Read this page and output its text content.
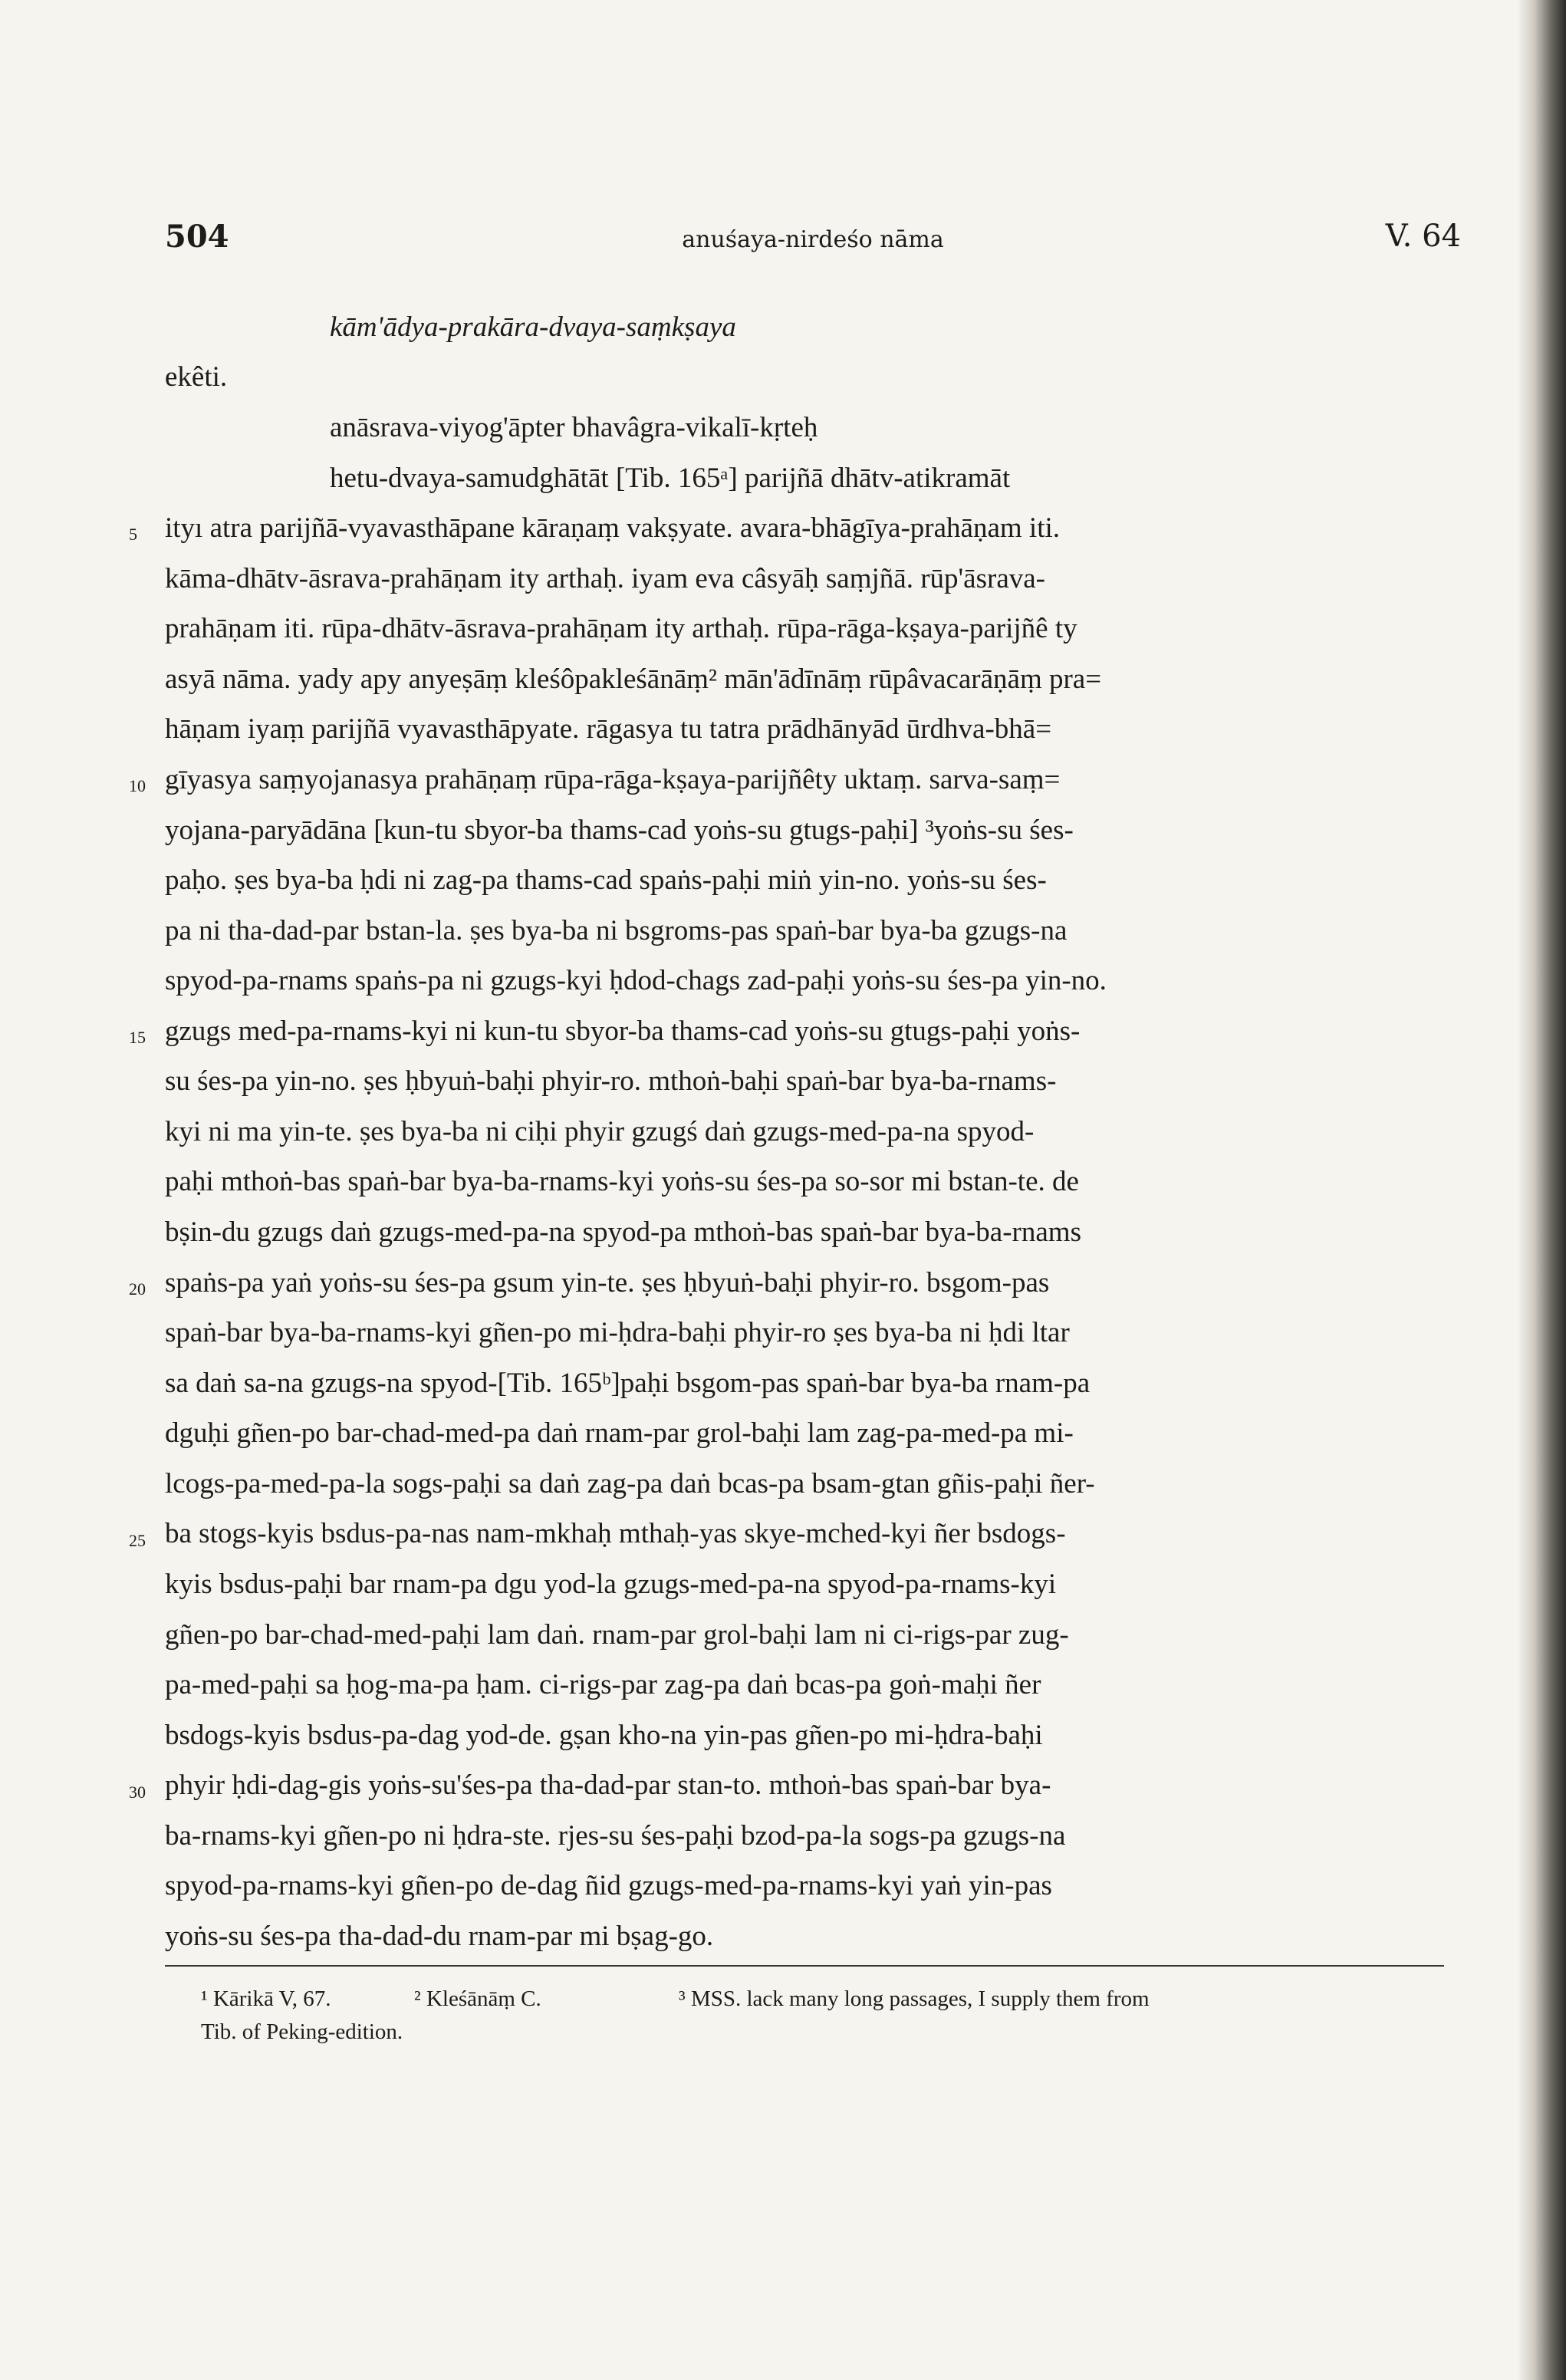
504	anuśaya-nirdeśo nāma	V. 64
5
10
15
20
25
30
kām'ādya-prakāra-dvaya-saṃkṣaya
ekêti.
anāsrava-viyog'āpter bhavâgra-vikalī-kṛteḥ
hetu-dvaya-samudghātāt [Tib. 165ᵃ] parijñā dhātv-atikramāt
ityı atra parijñā-vyavasthāpane kāraṇaṃ vakṣyate. avara-bhāgīya-prahāṇam iti.
kāma-dhātv-āsrava-prahāṇam ity arthaḥ. iyam eva câsyāḥ saṃjñā. rūp'āsrava-
prahāṇam iti. rūpa-dhātv-āsrava-prahāṇam ity arthaḥ. rūpa-rāga-kṣaya-parijñê ty
asyā nāma. yady apy anyeṣāṃ kleśôpakleśānāṃ² mān'ādīnāṃ rūpâvacarāṇāṃ pra=
hāṇam iyaṃ parijñā vyavasthāpyate. rāgasya tu tatra prādhānyād ūrdhva-bhā=
gīyasya saṃyojanasya prahāṇaṃ rūpa-rāga-kṣaya-parijñêty uktaṃ. sarva-saṃ=
yojana-paryādāna [kun-tu sbyor-ba thams-cad yoṅs-su gtugs-paḥi] ³yoṅs-su śes-
paḥo. ṣes bya-ba ḥdi ni zag-pa thams-cad spaṅs-paḥi miṅ yin-no. yoṅs-su śes-
pa ni tha-dad-par bstan-la. ṣes bya-ba ni bsgroms-pas spaṅ-bar bya-ba gzugs-na
spyod-pa-rnams spaṅs-pa ni gzugs-kyi ḥdod-chags zad-paḥi yoṅs-su śes-pa yin-no.
gzugs med-pa-rnams-kyi ni kun-tu sbyor-ba thams-cad yoṅs-su gtugs-paḥi yoṅs-
su śes-pa yin-no. ṣes ḥbyuṅ-baḥi phyir-ro. mthoṅ-baḥi spaṅ-bar bya-ba-rnams-
kyi ni ma yin-te. ṣes bya-ba ni ciḥi phyir gzugś daṅ gzugs-med-pa-na spyod-
paḥi mthoṅ-bas spaṅ-bar bya-ba-rnams-kyi yoṅs-su śes-pa so-sor mi bstan-te. de
bṣin-du gzugs daṅ gzugs-med-pa-na spyod-pa mthoṅ-bas spaṅ-bar bya-ba-rnams
spaṅs-pa yaṅ yoṅs-su śes-pa gsum yin-te. ṣes ḥbyuṅ-baḥi phyir-ro. bsgom-pas
spaṅ-bar bya-ba-rnams-kyi gñen-po mi-ḥdra-baḥi phyir-ro ṣes bya-ba ni ḥdi ltar
sa daṅ sa-na gzugs-na spyod-[Tib. 165ᵇ]paḥi bsgom-pas spaṅ-bar bya-ba rnam-pa
dguḥi gñen-po bar-chad-med-pa daṅ rnam-par grol-baḥi lam zag-pa-med-pa mi-
lcogs-pa-med-pa-la sogs-paḥi sa daṅ zag-pa daṅ bcas-pa bsam-gtan gñis-paḥi ñer-
ba stogs-kyis bsdus-pa-nas nam-mkhaḥ mthaḥ-yas skye-mched-kyi ñer bsdogs-
kyis bsdus-paḥi bar rnam-pa dgu yod-la gzugs-med-pa-na spyod-pa-rnams-kyi
gñen-po bar-chad-med-paḥi lam daṅ. rnam-par grol-baḥi lam ni ci-rigs-par zug-
pa-med-paḥi sa ḥog-ma-pa ḥam. ci-rigs-par zag-pa daṅ bcas-pa goṅ-maḥi ñer
bsdogs-kyis bsdus-pa-dag yod-de. gṣan kho-na yin-pas gñen-po mi-ḥdra-baḥi
phyir ḥdi-dag-gis yoṅs-su'śes-pa tha-dad-par stan-to. mthoṅ-bas spaṅ-bar bya-
ba-rnams-kyi gñen-po ni ḥdra-ste. rjes-su śes-paḥi bzod-pa-la sogs-pa gzugs-na
spyod-pa-rnams-kyi gñen-po de-dag ñid gzugs-med-pa-rnams-kyi yaṅ yin-pas
yoṅs-su śes-pa tha-dad-du rnam-par mi bṣag-go.
¹ Kārikā V, 67.	² Kleśānāṃ C.	³ MSS. lack many long passages, I supply them from
Tib. of Peking-edition.
